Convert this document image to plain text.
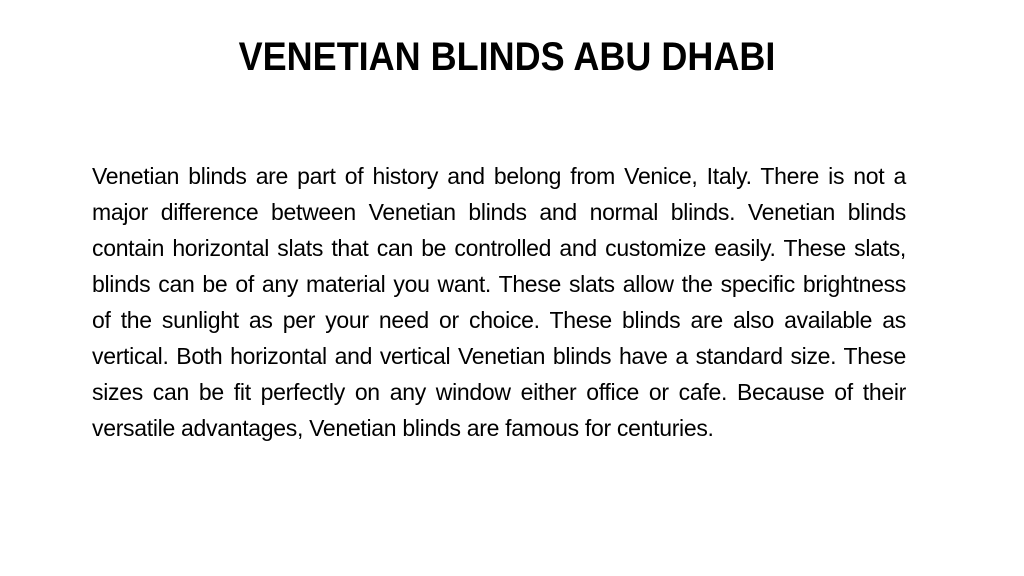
VENETIAN BLINDS ABU DHABI

Venetian blinds are part of history and belong from Venice, Italy. There is not a major difference between Venetian blinds and normal blinds. Venetian blinds contain horizontal slats that can be controlled and customize easily. These slats, blinds can be of any material you want. These slats allow the specific brightness of the sunlight as per your need or choice. These blinds are also available as vertical. Both horizontal and vertical Venetian blinds have a standard size. These sizes can be fit perfectly on any window either office or cafe. Because of their versatile advantages, Venetian blinds are famous for centuries.
